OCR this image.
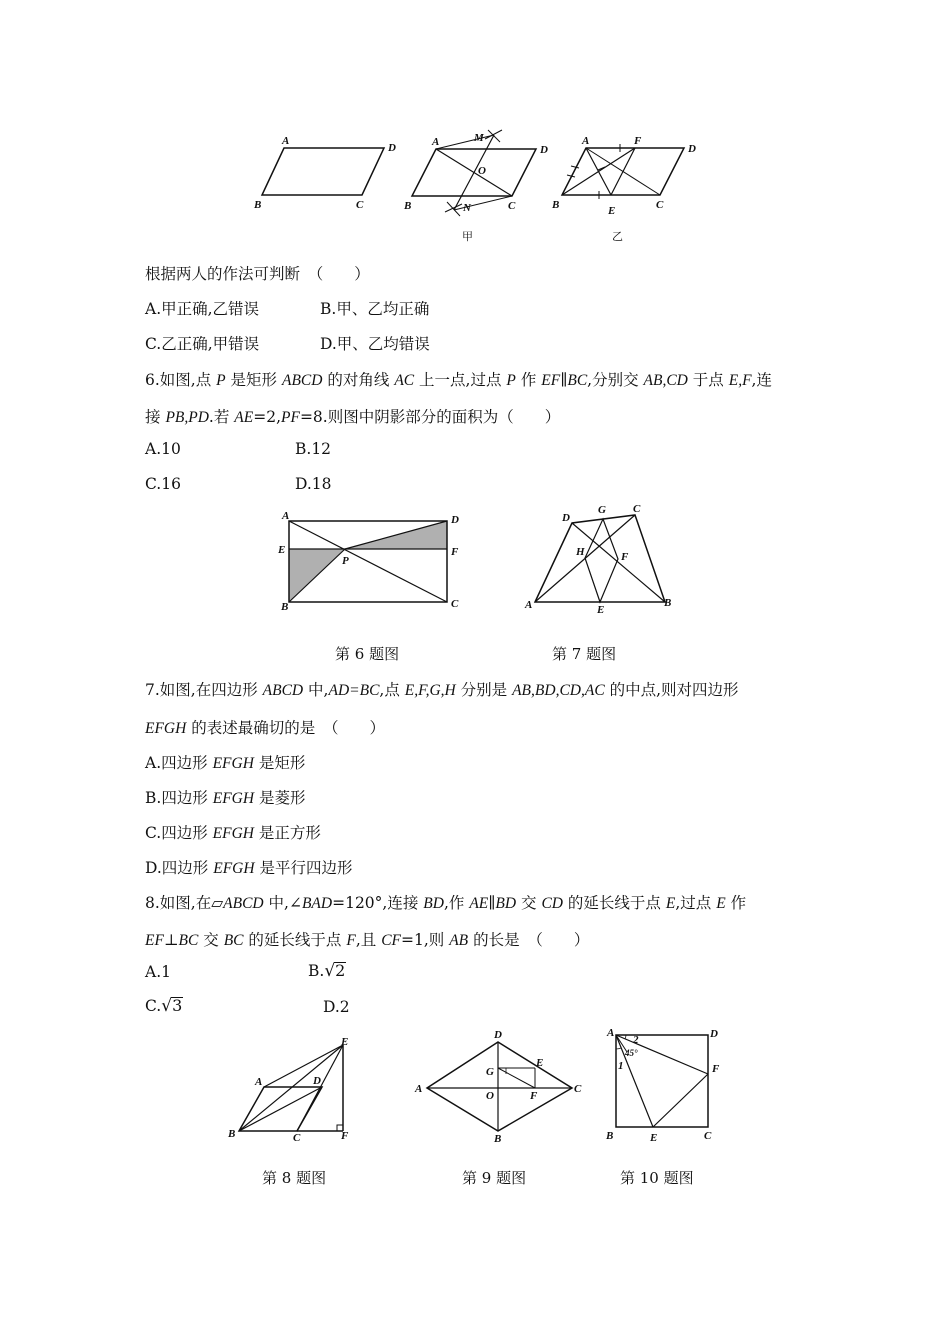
A
D
B	C
A
D
B	C
M
N
O
甲
A	F
D
B	E	C
乙
根据两人的作法可判断　（　　）
A.甲正确,乙错误	B.甲、乙均正确
C.乙正确,甲错误	D.甲、乙均错误
6.如图,点 P 是矩形 ABCD 的对角线 AC 上一点,过点 P 作 EF∥BC,分别交 AB,CD 于点 E,F,连
接 PB,PD.若 AE=2,PF=8.则图中阴影部分的面积为（　　）
A.10	B.12
C.16	D.18
A	D
E
P
F
B	C
D
G C
H	F
A	E
B
第 6 题图	第 7 题图
7.如图,在四边形 ABCD 中,AD=BC,点 E,F,G,H 分别是 AB,BD,CD,AC 的中点,则对四边形
EFGH 的表述最确切的是　（　　）
A.四边形 EFGH 是矩形
B.四边形 EFGH 是菱形
C.四边形 EFGH 是正方形
D.四边形 EFGH 是平行四边形
8.如图,在▱ABCD 中,∠BAD=120°,连接 BD,作 AE∥BD 交 CD 的延长线于点 E,过点 E 作
EF⊥BC 交 BC 的延长线于点 F,且 CF=1,则 AB 的长是　（　　）
A.1	B.√2
C.√3	D.2
E
A	D
B	C	F
D
E
G
A
O	F
C
B
A
2	D
45°
1	F
B	E	C
第 8 题图	第 9 题图	第 10 题图
